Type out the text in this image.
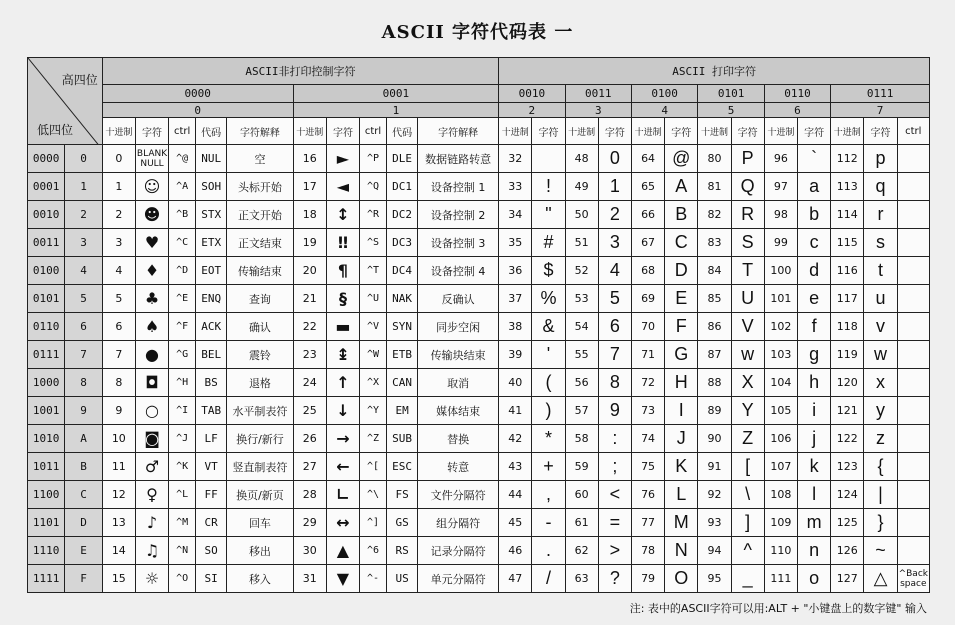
ASCII 字符代码表 一
高四位
低四位		ASCII非打印控制字符										ASCII 打印字符												
		0000					0001					0010		0011		0100		0101		0110		0111		
		0					1					2		3		4		5		6		7		
		十进制	字符	ctrl	代码	字符解释	十进制	字符	ctrl	代码	字符解释	十进制	字符	十进制	字符	十进制	字符	十进制	字符	十进制	字符	十进制	字符	ctrl
0000	0	0	BLANK NULL	^@	NUL	空	16	►	^P	DLE	数据链路转意	32		48	0	64	@	80	P	96	`	112	p	
0001	1	1	☺	^A	SOH	头标开始	17	◄	^Q	DC1	设备控制 1	33	!	49	1	65	A	81	Q	97	a	113	q	
0010	2	2	☻	^B	STX	正文开始	18	↕	^R	DC2	设备控制 2	34	"	50	2	66	B	82	R	98	b	114	r	
0011	3	3	♥	^C	ETX	正文结束	19	‼	^S	DC3	设备控制 3	35	#	51	3	67	C	83	S	99	c	115	s	
0100	4	4	♦	^D	EOT	传输结束	20	¶	^T	DC4	设备控制 4	36	$	52	4	68	D	84	T	100	d	116	t	
0101	5	5	♣	^E	ENQ	查询	21	§	^U	NAK	反确认	37	%	53	5	69	E	85	U	101	e	117	u	
0110	6	6	♠	^F	ACK	确认	22	▬	^V	SYN	同步空闲	38	&	54	6	70	F	86	V	102	f	118	v	
0111	7	7	●	^G	BEL	震铃	23	↨	^W	ETB	传输块结束	39	'	55	7	71	G	87	w	103	g	119	w	
1000	8	8	◘	^H	BS	退格	24	↑	^X	CAN	取消	40	(	56	8	72	H	88	X	104	h	120	x	
1001	9	9	○	^I	TAB	水平制表符	25	↓	^Y	EM	媒体结束	41	)	57	9	73	I	89	Y	105	i	121	y	
1010	A	10	◙	^J	LF	换行/新行	26	→	^Z	SUB	替换	42	*	58	:	74	J	90	Z	106	j	122	z	
1011	B	11	♂	^K	VT	竖直制表符	27	←	^[	ESC	转意	43	+	59	;	75	K	91	[	107	k	123	{	
1100	C	12	♀	^L	FF	换页/新页	28	∟	^\	FS	文件分隔符	44	,	60	<	76	L	92	\	108	l	124	|	
1101	D	13	♪	^M	CR	回车	29	↔	^]	GS	组分隔符	45	-	61	=	77	M	93	]	109	m	125	}	
1110	E	14	♫	^N	SO	移出	30	▲	^6	RS	记录分隔符	46	.	62	>	78	N	94	^	110	n	126	~	
1111	F	15	☼	^O	SI	移入	31	▼	^-	US	单元分隔符	47	/	63	?	79	O	95	_	111	o	127	△	^Back space
注: 表中的ASCII字符可以用:ALT + "小键盘上的数字键" 输入
